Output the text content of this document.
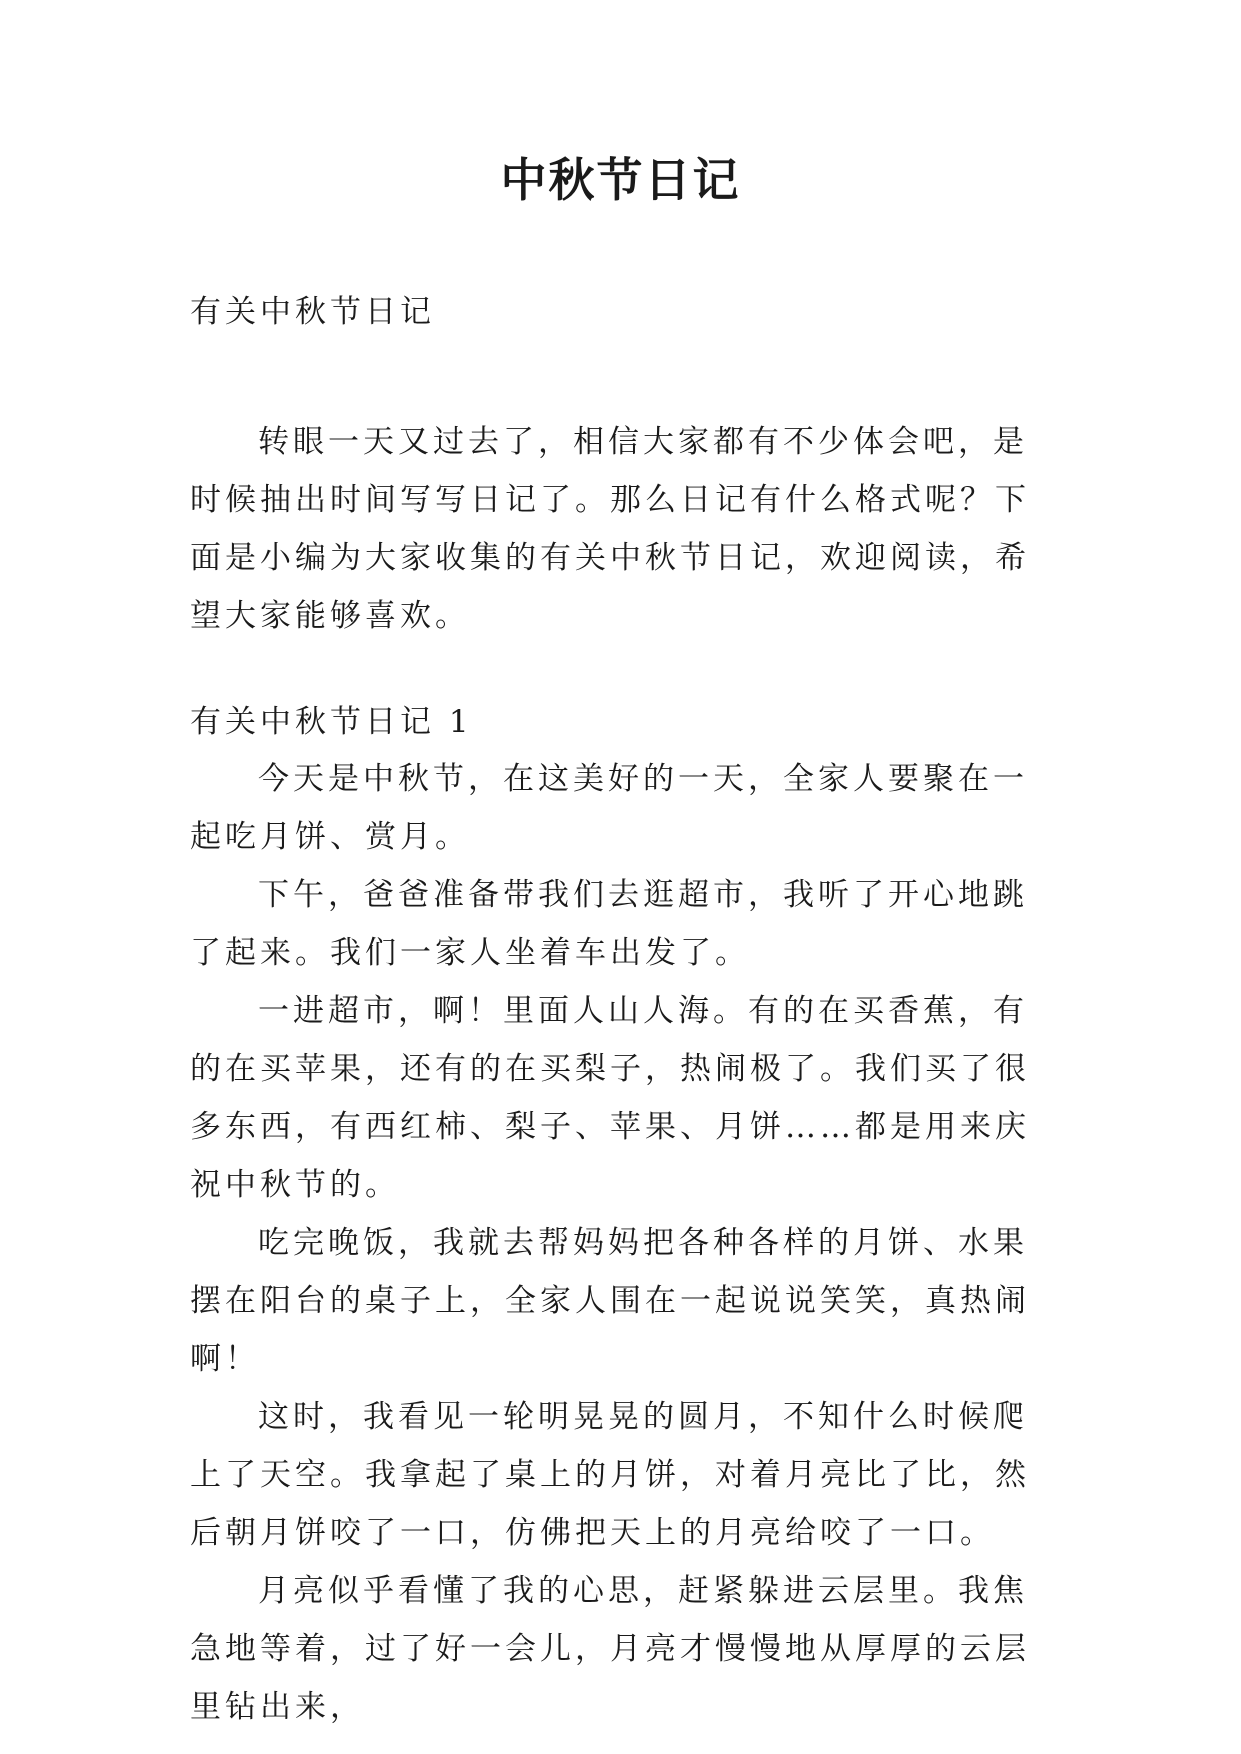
中秋节日记
有关中秋节日记

转眼一天又过去了，相信大家都有不少体会吧，是时候抽出时间写写日记了。那么日记有什么格式呢？下面是小编为大家收集的有关中秋节日记，欢迎阅读，希望大家能够喜欢。

有关中秋节日记 1

今天是中秋节，在这美好的一天，全家人要聚在一起吃月饼、赏月。

下午，爸爸准备带我们去逛超市，我听了开心地跳了起来。我们一家人坐着车出发了。

一进超市，啊！里面人山人海。有的在买香蕉，有的在买苹果，还有的在买梨子，热闹极了。我们买了很多东西，有西红柿、梨子、苹果、月饼……都是用来庆祝中秋节的。

吃完晚饭，我就去帮妈妈把各种各样的月饼、水果摆在阳台的桌子上，全家人围在一起说说笑笑，真热闹啊！

这时，我看见一轮明晃晃的圆月，不知什么时候爬上了天空。我拿起了桌上的月饼，对着月亮比了比，然后朝月饼咬了一口，仿佛把天上的月亮给咬了一口。

月亮似乎看懂了我的心思，赶紧躲进云层里。我焦急地等着，过了好一会儿，月亮才慢慢地从厚厚的云层里钻出来，
